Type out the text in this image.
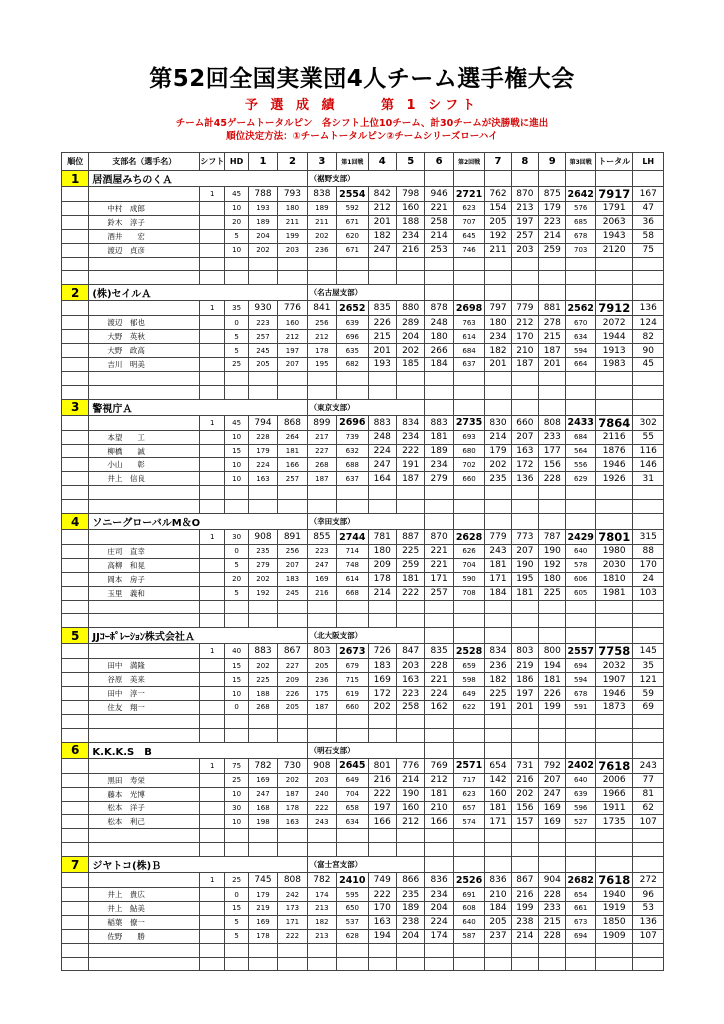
第52回全国実業団4人チーム選手権大会
予 選 成 績　　 第 1 シフト
チーム計45ゲームトータルピン　各シフト上位10チーム、計30チームが決勝戦に進出
順位決定方法：①チームトータルピン②チームシリーズローハイ
順位	支部名（選手名）	シフト	HD	1	2	3	第1回戦	4	5	6	第2回戦	7	8	9	第3回戦	トータル	LH
1	居酒屋みちのくＡ					（裾野支部）											
		1	45	788	793	838	2554	842	798	946	2721	762	870	875	2642	7917	167
	中村　成郎		10	193	180	189	592	212	160	221	623	154	213	179	576	1791	47
	鈴木　淳子		20	189	211	211	671	201	188	258	707	205	197	223	685	2063	36
	酒井　　宏		5	204	199	202	620	182	234	214	645	192	257	214	678	1943	58
	渡辺　貞彦		10	202	203	236	671	247	216	253	746	211	203	259	703	2120	75

2	(株)セイルＡ					（名古屋支部）											
		1	35	930	776	841	2652	835	880	878	2698	797	779	881	2562	7912	136
	渡辺　郁也		0	223	160	256	639	226	289	248	763	180	212	278	670	2072	124
	大野　英秋		5	257	212	212	696	215	204	180	614	234	170	215	634	1944	82
	大野　政高		5	245	197	178	635	201	202	266	684	182	210	187	594	1913	90
	吉川　明美		25	205	207	195	682	193	185	184	637	201	187	201	664	1983	45

3	警視庁Ａ					（東京支部）											
		1	45	794	868	899	2696	883	834	883	2735	830	660	808	2433	7864	302
	本望　　工		10	228	264	217	739	248	234	181	693	214	207	233	684	2116	55
	柳橋　　誠		15	179	181	227	632	224	222	189	680	179	163	177	564	1876	116
	小山　　彰		10	224	166	268	688	247	191	234	702	202	172	156	556	1946	146
	井上　信良		10	163	257	187	637	164	187	279	660	235	136	228	629	1926	31

4	ソニーグローバルM＆O					（幸田支部）											
		1	30	908	891	855	2744	781	887	870	2628	779	773	787	2429	7801	315
	庄司　直幸		0	235	256	223	714	180	225	221	626	243	207	190	640	1980	88
	高柳　和晃		5	279	207	247	748	209	259	221	704	181	190	192	578	2030	170
	岡本　房子		20	202	183	169	614	178	181	171	590	171	195	180	606	1810	24
	玉里　義和		5	192	245	216	668	214	222	257	708	184	181	225	605	1981	103

5	JJｺｰﾎﾟﾚｰｼｮﾝ株式会社Ａ					（北大阪支部）											
		1	40	883	867	803	2673	726	847	835	2528	834	803	800	2557	7758	145
	田中　満隆		15	202	227	205	679	183	203	228	659	236	219	194	694	2032	35
	谷原　美来		15	225	209	236	715	169	163	221	598	182	186	181	594	1907	121
	田中　淳一		10	188	226	175	619	172	223	224	649	225	197	226	678	1946	59
	住友　翔一		0	268	205	187	660	202	258	162	622	191	201	199	591	1873	69

6	K.K.K.S　B					（明石支部）											
		1	75	782	730	908	2645	801	776	769	2571	654	731	792	2402	7618	243
	黒田　寿栄		25	169	202	203	649	216	214	212	717	142	216	207	640	2006	77
	藤本　光博		10	247	187	240	704	222	190	181	623	160	202	247	639	1966	81
	松本　洋子		30	168	178	222	658	197	160	210	657	181	156	169	596	1911	62
	松本　利己		10	198	163	243	634	166	212	166	574	171	157	169	527	1735	107

7	ジヤトコ(株)Ｂ					（富士宮支部）											
		1	25	745	808	782	2410	749	866	836	2526	836	867	904	2682	7618	272
	井上　貴広		0	179	242	174	595	222	235	234	691	210	216	228	654	1940	96
	井上　鮎美		15	219	173	213	650	170	189	204	608	184	199	233	661	1919	53
	稲葉　僚一		5	169	171	182	537	163	238	224	640	205	238	215	673	1850	136
	佐野　　勝		5	178	222	213	628	194	204	174	587	237	214	228	694	1909	107
